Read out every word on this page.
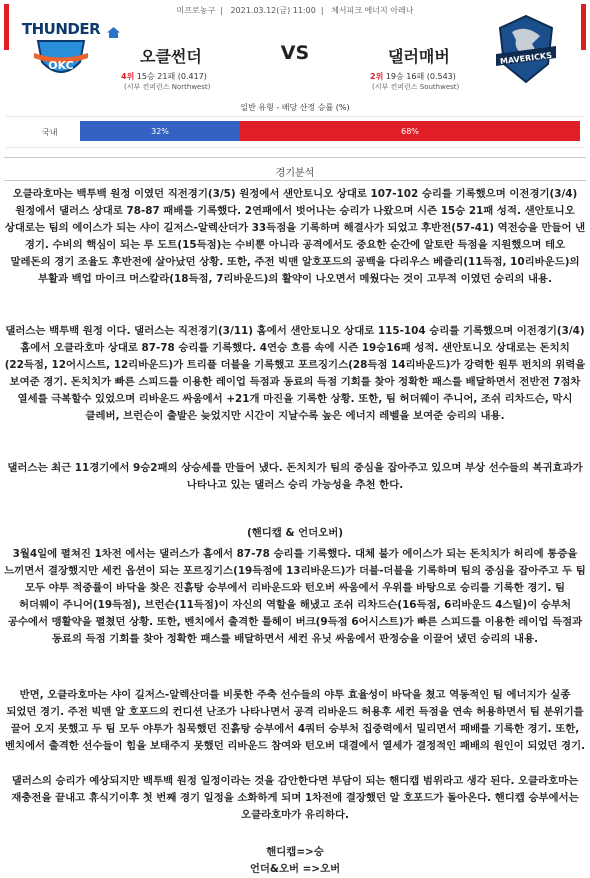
미프로농구 | 2021.03.12(금) 11:00 | 체서피크 에너지 아레나
THUNDER
OKC	오클썬더	VS	댈러매버
4위 15승 21패 (0.417)
(서부 컨퍼런스 Northwest)
2위 19승 16패 (0.543)
(서부 컨퍼런스 Southwest)
MAVERICKS
일반 유형 - 배당 산정 승률 (%)
국내	32%	68%
경기분석
오클라호마는 백투백 원정 이였던 직전경기(3/5) 원정에서 샌안토니오 상대로 107-102 승리를 기록했으며 이전경기(3/4) 원정에서 댈러스 상대로 78-87 패배를 기록했다. 2연패에서 벗어나는 승리가 나왔으며 시즌 15승 21패 성적. 샌안토니오 상대로는 팀의 에이스가 되는 샤이 길저스-알렉산더가 33득점을 기록하며 해결사가 되었고 후반전(57-41) 역전승을 만들어 낸 경기. 수비의 핵심이 되는 루 도트(15득점)는 수비뿐 아니라 공격에서도 중요한 순간에 알토란 득점을 지원했으며 테오 말레돈의 경기 조율도 후반전에 살아났던 상황. 또한, 주전 빅맨 알호포드의 공백을 다리우스 베즐리(11득점, 10리바운드)의 부활과 백업 마이크 머스칼라(18득점, 7리바운드)의 활약이 나오면서 메웠다는 것이 고무적 이였던 승리의 내용.
댈러스는 백투백 원정 이다. 댈러스는 직전경기(3/11) 홈에서 샌안토니오 상대로 115-104 승리를 기록했으며 이전경기(3/4) 홈에서 오클라호마 상대로 87-78 승리를 기록했다. 4연승 흐름 속에 시즌 19승16패 성적. 샌안토니오 상대로는 돈치치(22득점, 12어시스트, 12리바운드)가 트리플 더블을 기록했고 포르징기스(28득점 14리바운드)가 강력한 원투 펀치의 위력을 보여준 경기. 돈치치가 빠른 스피드를 이용한 레이업 득점과 동료의 득점 기회를 찾아 정확한 패스를 배달하면서 전반전 7점차 열세를 극복할수 있었으며 리바운드 싸움에서 +21개 마진을 기록한 상황. 또한, 팀 허더웨이 주니어, 조쉬 리차드슨, 막시 클레버, 브런슨이 출발은 늦었지만 시간이 지날수록 높은 에너지 레벨을 보여준 승리의 내용.
댈러스는 최근 11경기에서 9승2패의 상승세를 만들어 냈다. 돈치치가 팀의 중심을 잡아주고 있으며 부상 선수들의 복귀효과가 나타나고 있는 댈러스 승리 가능성을 추천 한다.
(핸디캡 & 언더오버)
3월4일에 펼쳐진 1차전 에서는 댈러스가 홈에서 87-78 승리를 기록했다. 대체 불가 에이스가 되는 돈치치가 허리에 통증을 느끼면서 결장했지만 세컨 옵션이 되는 포르징기스(19득점에 13리바운드)가 더블-더블을 기록하며 팀의 중심을 잡아주고 두 팀 모두 야투 적중률이 바닥을 찾은 진흙탕 승부에서 리바운드와 턴오버 싸움에서 우위를 바탕으로 승리를 기록한 경기. 팀 허더웨이 주니어(19득점), 브런슨(11득점)이 자신의 역할을 해냈고 조쉬 리차드슨(16득점, 6리바운드 4스틸)이 승부처 공수에서 맹활약을 펼쳤던 상황. 또한, 벤치에서 출격한 틀헤이 버크(9득점 6어시스트)가 빠른 스피드를 이용한 레이업 득점과 동료의 득점 기회를 찾아 정확한 패스를 배달하면서 세컨 유닛 싸움에서 판정승을 이끌어 냈던 승리의 내용.
반면, 오클라호마는 샤이 길저스-알렉산더를 비롯한 주축 선수들의 야투 효율성이 바닥을 쳤고 역동적인 팀 에너지가 실종 되었던 경기. 주전 빅맨 알 호포드의 컨디션 난조가 나타나면서 공격 리바운드 허용후 세컨 득점을 연속 허용하면서 팀 분위기를 끌어 오지 못했고 두 팀 모두 야투가 침묵했던 진흙탕 승부에서 4쿼터 승부처 집중력에서 밀리면서 패배를 기록한 경기. 또한, 벤치에서 출격한 선수들이 힘을 보태주지 못했던 리바운드 참여와 턴오버 대결에서 열세가 결정적인 패배의 원인이 되었던 경기.
댈러스의 승리가 예상되지만 백투백 원정 일정이라는 것을 감안한다면 부담이 되는 핸디캡 범위라고 생각 된다. 오클라호마는 재충전을 끝내고 휴식기이후 첫 번째 경기 일정을 소화하게 되며 1차전에 결장했던 알 호포드가 돌아온다. 핸디캡 승부에서는 오클라호마가 유리하다.
핸디캡=>승
언더&오버 =>오버
